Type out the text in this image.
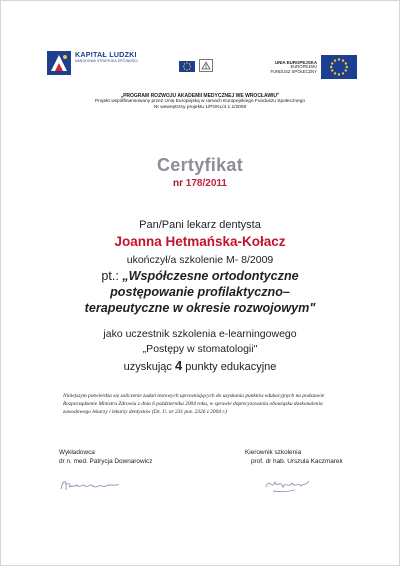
KAPITAŁ LUDZKI
NARODOWA STRATEGIA SPÓJNOŚCI	UNIA EUROPEJSKA
EUROPEJSKI
FUNDUSZ SPOŁECZNY
„PROGRAM ROZWOJU AKADEMII MEDYCZNEJ WE WROCŁAWIU"
Projekt współfinansowany przez Unię Europejską w ramach Europejskiego Funduszu Społecznego
Nr wewnętrzny projektu 1/POKL/4.1.1/2008
Certyfikat
nr 178/2011
Pan/Pani lekarz dentysta
Joanna Hetmańska-Kołacz
ukończył/a szkolenie M- 8/2009
pt.: „Współczesne ortodontyczne
postępowanie profilaktyczno–
terapeutyczne w okresie rozwojowym"
jako uczestnik szkolenia e-learningowego
„Postępy w stomatologii"
uzyskując 4 punkty edukacyjne
Niniejszym potwierdza się zaliczenie zadań testowych uprawniających do uzyskania punktów edukacyjnych na podstawie Rozporządzenie Ministra Zdrowia z dnia 6 października 2004 roku, w sprawie doprecyzowania obowiązku doskonalenia zawodowego lekarzy i lekarzy dentystów (Dz. U. nr 231 poz. 2326 z 2004 r.)
Wykładowca
dr n. med. Patrycja Downarowicz
Kierownik szkolenia
prof. dr hab. Urszula Kaczmarek
